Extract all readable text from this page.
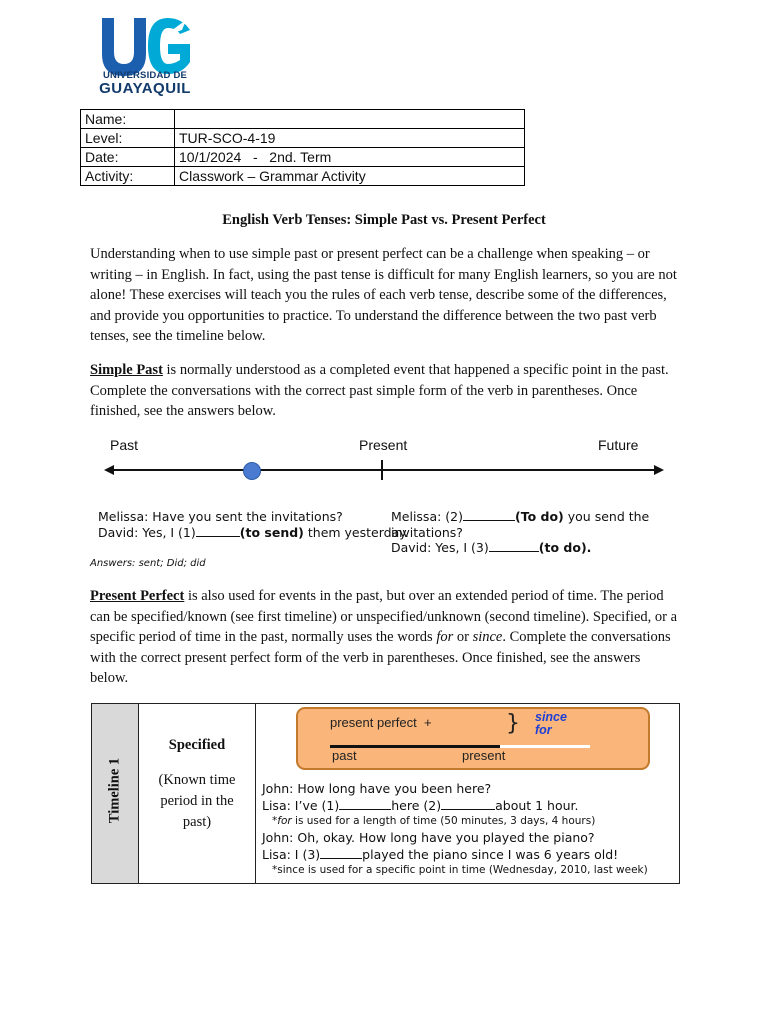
UNIVERSIDAD DE
GUAYAQUIL
Name:	
Level:	TUR-SCO-4-19
Date:	10/1/2024   -   2nd. Term
Activity:	Classwork – Grammar Activity
English Verb Tenses: Simple Past vs. Present Perfect
Understanding when to use simple past or present perfect can be a challenge when speaking – or writing – in English. In fact, using the past tense is difficult for many English learners, so you are not alone! These exercises will teach you the rules of each verb tense, describe some of the differences, and provide you opportunities to practice. To understand the difference between the two past verb tenses, see the timeline below.
Simple Past is normally understood as a completed event that happened a specific point in the past. Complete the conversations with the correct past simple form of the verb in parentheses. Once finished, see the answers below.
Past	Present	Future
Melissa: Have you sent the invitations?
David: Yes, I (1)	(to send) them yesterday.
Melissa: (2)	(To do) you send the
invitations?
David: Yes, I (3)	(to do).
Answers: sent; Did; did
Present Perfect is also used for events in the past, but over an extended period of time. The period can be specified/known (see first timeline) or unspecified/unknown (second timeline). Specified, or a specific period of time in the past, normally uses the words for or since. Complete the conversations with the correct present perfect form of the verb in parentheses. Once finished, see the answers below.
Timeline 1
Specified
(Known time period in the past)
present perfect  +	} since
for
past	present
John: How long have you been here?
Lisa: I’ve (1)	here (2)	about 1 hour.
*for is used for a length of time (50 minutes, 3 days, 4 hours)
John: Oh, okay. How long have you played the piano?
Lisa: I (3)	played the piano since I was 6 years old!
*since is used for a specific point in time (Wednesday, 2010, last week)
